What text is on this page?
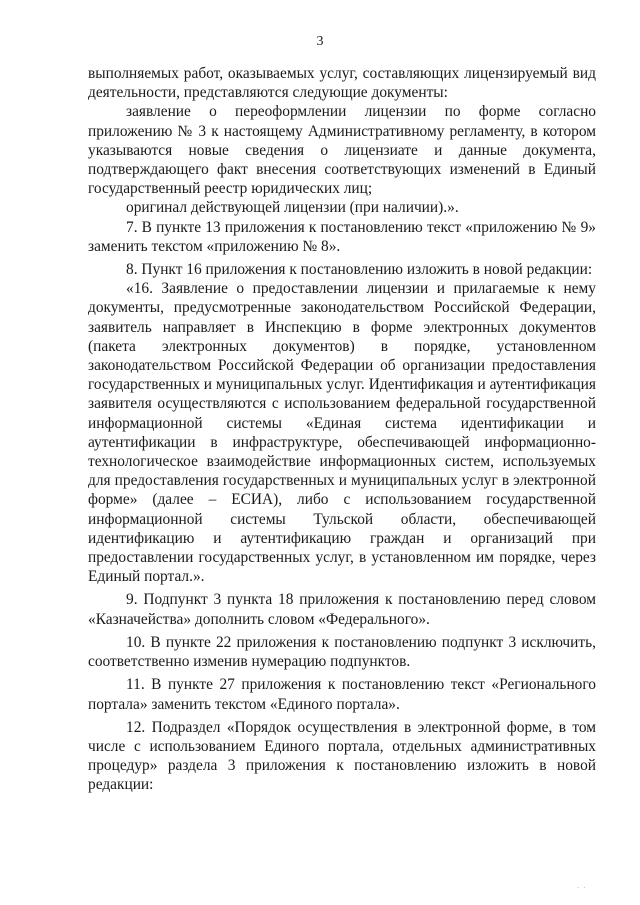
3

выполняемых работ, оказываемых услуг, составляющих лицензируемый вид деятельности, представляются следующие документы:

заявление о переоформлении лицензии по форме согласно приложению № 3 к настоящему Административному регламенту, в котором указываются новые сведения о лицензиате и данные документа, подтверждающего факт внесения соответствующих изменений в Единый государственный реестр юридических лиц;

оригинал действующей лицензии (при наличии).».

7. В пункте 13 приложения к постановлению текст «приложению № 9» заменить текстом «приложению № 8».

8. Пункт 16 приложения к постановлению изложить в новой редакции:

«16. Заявление о предоставлении лицензии и прилагаемые к нему документы, предусмотренные законодательством Российской Федерации, заявитель направляет в Инспекцию в форме электронных документов (пакета электронных документов) в порядке, установленном законодательством Российской Федерации об организации предоставления государственных и муниципальных услуг. Идентификация и аутентификация заявителя осуществляются с использованием федеральной государственной информационной системы «Единая система идентификации и аутентификации в инфраструктуре, обеспечивающей информационно-технологическое взаимодействие информационных систем, используемых для предоставления государственных и муниципальных услуг в электронной форме» (далее – ЕСИА), либо с использованием государственной информационной системы Тульской области, обеспечивающей идентификацию и аутентификацию граждан и организаций при предоставлении государственных услуг, в установленном им порядке, через Единый портал.».

9. Подпункт 3 пункта 18 приложения к постановлению перед словом «Казначейства» дополнить словом «Федерального».

10. В пункте 22 приложения к постановлению подпункт 3 исключить, соответственно изменив нумерацию подпунктов.

11. В пункте 27 приложения к постановлению текст «Регионального портала» заменить текстом «Единого портала».

12. Подраздел «Порядок осуществления в электронной форме, в том числе с использованием Единого портала, отдельных административных процедур» раздела 3 приложения к постановлению изложить в новой редакции:

· ·
